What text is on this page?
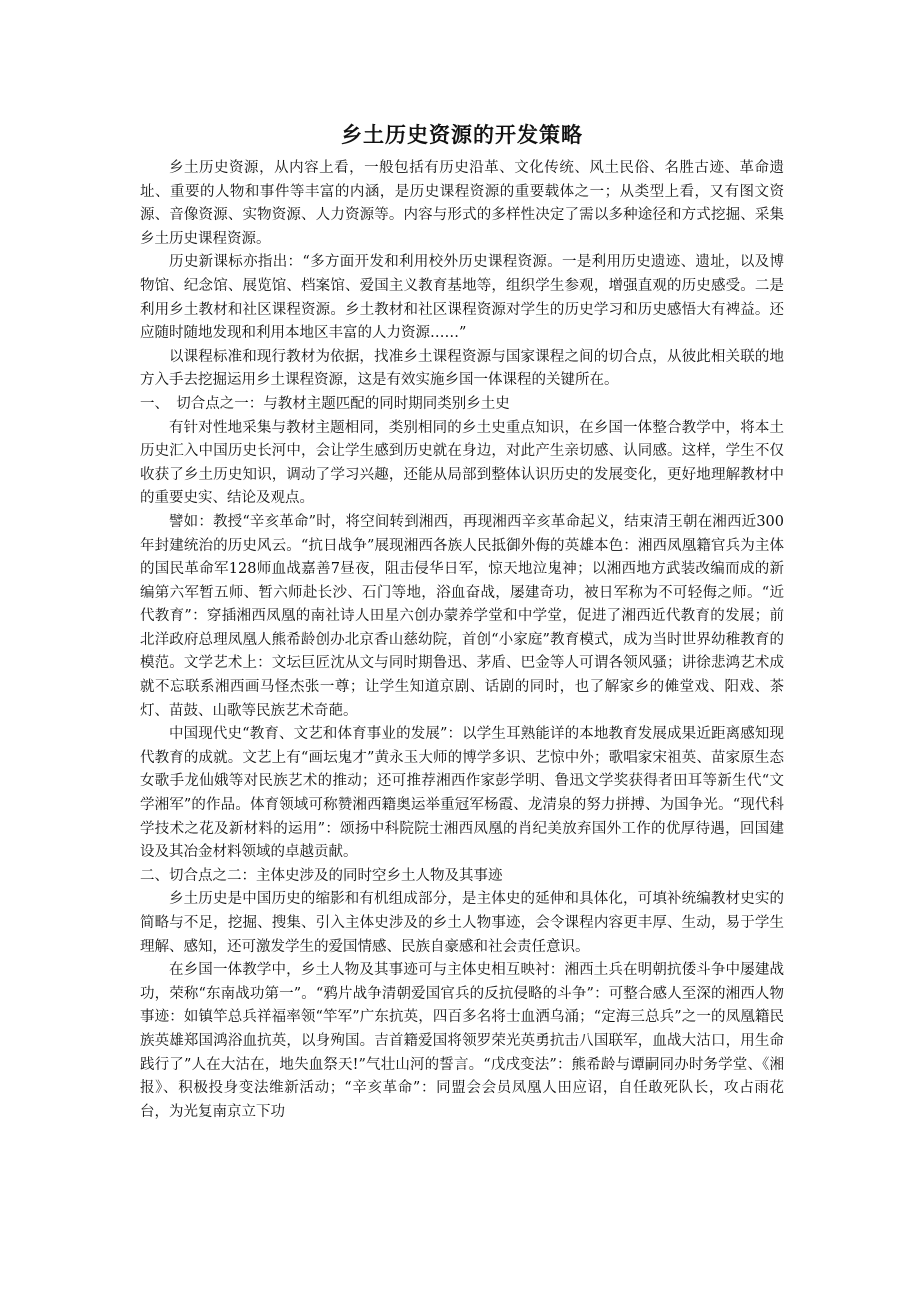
乡土历史资源的开发策略

乡土历史资源，从内容上看，一般包括有历史沿革、文化传统、风土民俗、名胜古迹、革命遗址、重要的人物和事件等丰富的内涵，是历史课程资源的重要载体之一；从类型上看，又有图文资源、音像资源、实物资源、人力资源等。内容与形式的多样性决定了需以多种途径和方式挖掘、采集乡土历史课程资源。

历史新课标亦指出：“多方面开发和利用校外历史课程资源。一是利用历史遗迹、遗址，以及博物馆、纪念馆、展览馆、档案馆、爱国主义教育基地等，组织学生参观，增强直观的历史感受。二是利用乡土教材和社区课程资源。乡土教材和社区课程资源对学生的历史学习和历史感悟大有裨益。还应随时随地发现和利用本地区丰富的人力资源……”

以课程标准和现行教材为依据，找准乡土课程资源与国家课程之间的切合点，从彼此相关联的地方入手去挖掘运用乡土课程资源，这是有效实施乡国一体课程的关键所在。

一、　切合点之一：与教材主题匹配的同时期同类别乡土史

有针对性地采集与教材主题相同，类别相同的乡土史重点知识，在乡国一体整合教学中，将本土历史汇入中国历史长河中，会让学生感到历史就在身边，对此产生亲切感、认同感。这样，学生不仅收获了乡土历史知识，调动了学习兴趣，还能从局部到整体认识历史的发展变化，更好地理解教材中的重要史实、结论及观点。

譬如：教授“辛亥革命”时，将空间转到湘西，再现湘西辛亥革命起义，结束清王朝在湘西近300年封建统治的历史风云。“抗日战争”展现湘西各族人民抵御外侮的英雄本色：湘西凤凰籍官兵为主体的国民革命军128师血战嘉善7昼夜，阻击侵华日军，惊天地泣鬼神；以湘西地方武装改编而成的新编第六军暂五师、暂六师赴长沙、石门等地，浴血奋战，屡建奇功，被日军称为不可轻侮之师。“近代教育”：穿插湘西凤凰的南社诗人田星六创办蒙养学堂和中学堂，促进了湘西近代教育的发展；前北洋政府总理凤凰人熊希龄创办北京香山慈幼院，首创“小家庭”教育模式，成为当时世界幼稚教育的模范。文学艺术上：文坛巨匠沈从文与同时期鲁迅、茅盾、巴金等人可谓各领风骚；讲徐悲鸿艺术成就不忘联系湘西画马怪杰张一尊；让学生知道京剧、话剧的同时，也了解家乡的傩堂戏、阳戏、茶灯、苗鼓、山歌等民族艺术奇葩。

中国现代史“教育、文艺和体育事业的发展”：以学生耳熟能详的本地教育发展成果近距离感知现代教育的成就。文艺上有“画坛鬼才”黄永玉大师的博学多识、艺惊中外；歌唱家宋祖英、苗家原生态女歌手龙仙娥等对民族艺术的推动；还可推荐湘西作家彭学明、鲁迅文学奖获得者田耳等新生代“文学湘军”的作品。体育领域可称赞湘西籍奥运举重冠军杨霞、龙清泉的努力拼搏、为国争光。“现代科学技术之花及新材料的运用”：颂扬中科院院士湘西凤凰的肖纪美放弃国外工作的优厚待遇，回国建设及其冶金材料领域的卓越贡献。

二、切合点之二：主体史涉及的同时空乡土人物及其事迹

乡土历史是中国历史的缩影和有机组成部分，是主体史的延伸和具体化，可填补统编教材史实的简略与不足，挖掘、搜集、引入主体史涉及的乡土人物事迹，会令课程内容更丰厚、生动，易于学生理解、感知，还可激发学生的爱国情感、民族自豪感和社会责任意识。

在乡国一体教学中，乡土人物及其事迹可与主体史相互映衬：湘西土兵在明朝抗倭斗争中屡建战功，荣称“东南战功第一”。“鸦片战争清朝爱国官兵的反抗侵略的斗争”：可整合感人至深的湘西人物事迹：如镇竿总兵祥福率领“竿军”广东抗英，四百多名将士血洒乌涌；“定海三总兵”之一的凤凰籍民族英雄郑国鸿浴血抗英，以身殉国。吉首籍爱国将领罗荣光英勇抗击八国联军，血战大沽口，用生命践行了”人在大沽在，地失血祭天!”气壮山河的誓言。“戊戌变法”：熊希龄与谭嗣同办时务学堂、《湘报》、积极投身变法维新活动；“辛亥革命”：同盟会会员凤凰人田应诏，自任敢死队长，攻占雨花台，为光复南京立下功
